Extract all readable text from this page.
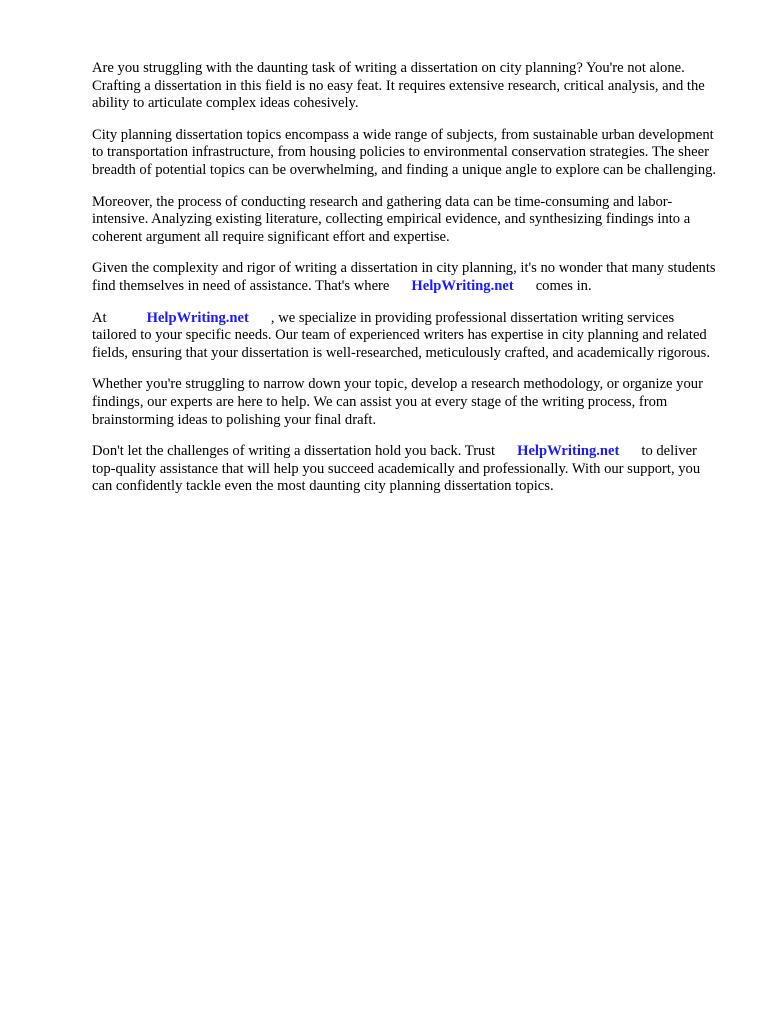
Are you struggling with the daunting task of writing a dissertation on city planning? You're not alone. Crafting a dissertation in this field is no easy feat. It requires extensive research, critical analysis, and the ability to articulate complex ideas cohesively.

City planning dissertation topics encompass a wide range of subjects, from sustainable urban development to transportation infrastructure, from housing policies to environmental conservation strategies. The sheer breadth of potential topics can be overwhelming, and finding a unique angle to explore can be challenging.

Moreover, the process of conducting research and gathering data can be time-consuming and labor-intensive. Analyzing existing literature, collecting empirical evidence, and synthesizing findings into a coherent argument all require significant effort and expertise.

Given the complexity and rigor of writing a dissertation in city planning, it's no wonder that many students find themselves in need of assistance. That's where HelpWriting.net comes in.

At	HelpWriting.net , we specialize in providing professional dissertation writing services tailored to your specific needs. Our team of experienced writers has expertise in city planning and related fields, ensuring that your dissertation is well-researched, meticulously crafted, and academically rigorous.

Whether you're struggling to narrow down your topic, develop a research methodology, or organize your findings, our experts are here to help. We can assist you at every stage of the writing process, from brainstorming ideas to polishing your final draft.

Don't let the challenges of writing a dissertation hold you back. Trust HelpWriting.net to deliver top-quality assistance that will help you succeed academically and professionally. With our support, you can confidently tackle even the most daunting city planning dissertation topics.
